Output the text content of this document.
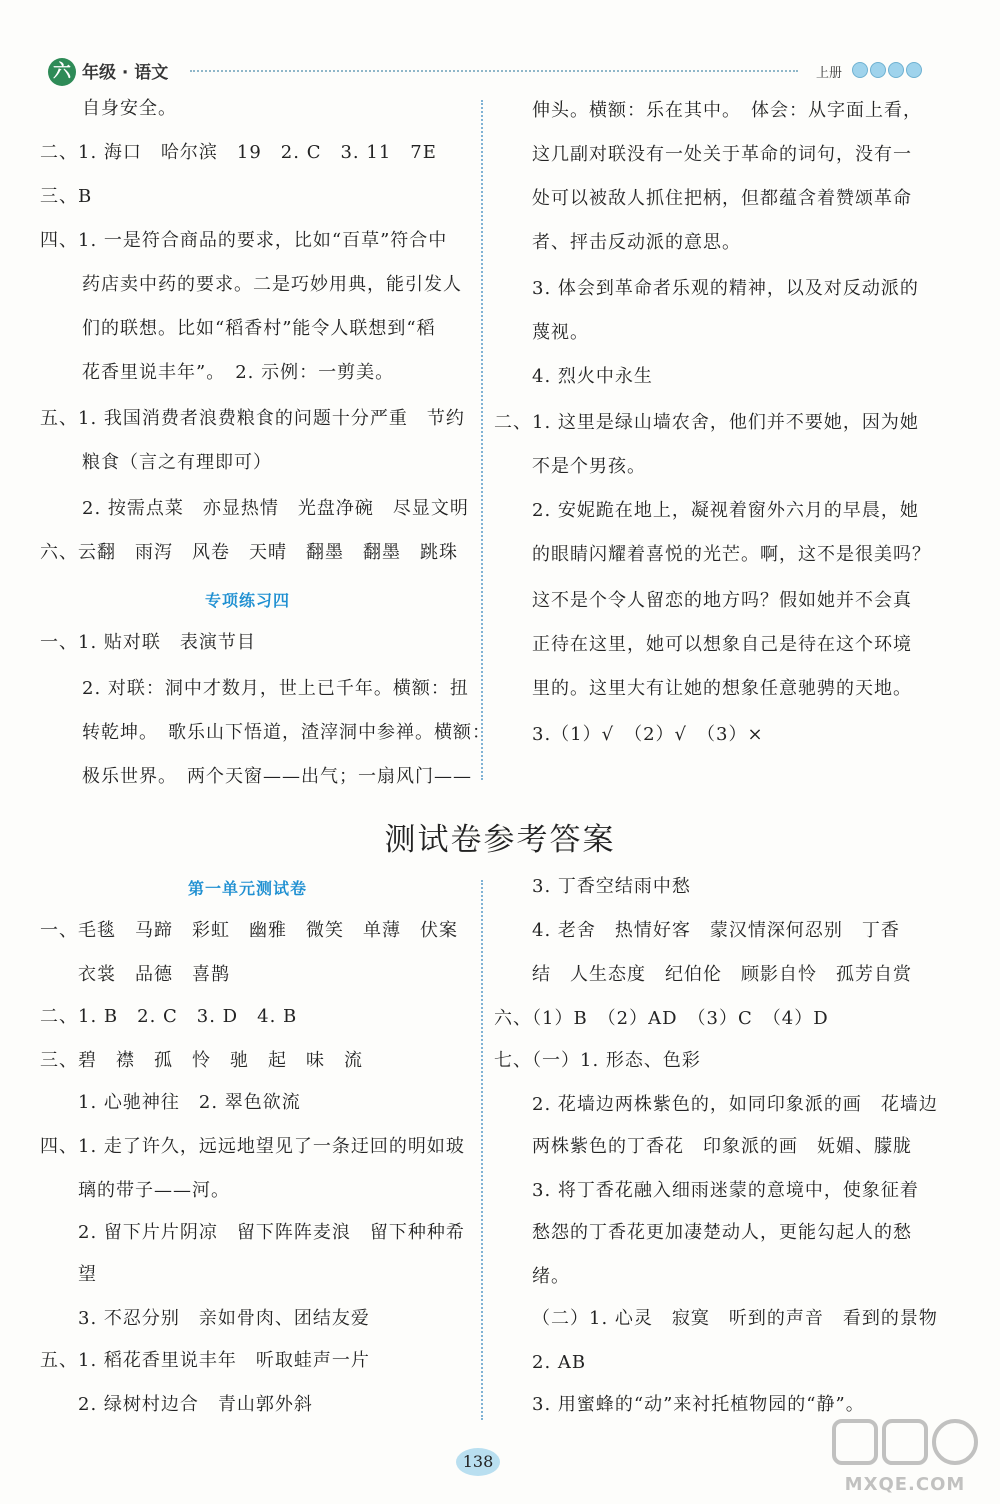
六 年级 · 语文	上册
自身安全。
二、1. 海口　哈尔滨　19　2. C　3. 11　7E
三、B
四、1. 一是符合商品的要求，比如“百草”符合中
药店卖中药的要求。二是巧妙用典，能引发人
们的联想。比如“稻香村”能令人联想到“稻
花香里说丰年”。　2. 示例：一剪美。
五、1. 我国消费者浪费粮食的问题十分严重　节约
粮食（言之有理即可）
2. 按需点菜　亦显热情　光盘净碗　尽显文明
六、云翻　雨泻　风卷　天晴　翻墨　翻墨　跳珠
专项练习四
一、1. 贴对联　表演节目
2. 对联：洞中才数月，世上已千年。横额：扭
转乾坤。　歌乐山下悟道，渣滓洞中参禅。横额：
极乐世界。　两个天窗——出气；一扇风门——
伸头。横额：乐在其中。　体会：从字面上看，
这几副对联没有一处关于革命的词句，没有一
处可以被敌人抓住把柄，但都蕴含着赞颂革命
者、抨击反动派的意思。
3. 体会到革命者乐观的精神，以及对反动派的
蔑视。
4. 烈火中永生
二、1. 这里是绿山墙农舍，他们并不要她，因为她
不是个男孩。
2. 安妮跪在地上，凝视着窗外六月的早晨，她
的眼睛闪耀着喜悦的光芒。啊，这不是很美吗？
这不是个令人留恋的地方吗？假如她并不会真
正待在这里，她可以想象自己是待在这个环境
里的。这里大有让她的想象任意驰骋的天地。
3.（1）√　（2）√　（3）×
测试卷参考答案
第一单元测试卷
一、毛毯　马蹄　彩虹　幽雅　微笑　单薄　伏案
衣裳　品德　喜鹊
二、1. B　2. C　3. D　4. B
三、碧　襟　孤　怜　驰　起　味　流
1. 心驰神往　2. 翠色欲流
四、1. 走了许久，远远地望见了一条迂回的明如玻
璃的带子——河。
2. 留下片片阴凉　留下阵阵麦浪　留下种种希
望
3. 不忍分别　亲如骨肉、团结友爱
五、1. 稻花香里说丰年　听取蛙声一片
2. 绿树村边合　青山郭外斜
3. 丁香空结雨中愁
4. 老舍　热情好客　蒙汉情深何忍别　丁香
结　人生态度　纪伯伦　顾影自怜　孤芳自赏
六、（1）B　（2）AD　（3）C　（4）D
七、（一）1. 形态、色彩
2. 花墙边两株紫色的，如同印象派的画　花墙边
两株紫色的丁香花　印象派的画　妩媚、朦胧
3. 将丁香花融入细雨迷蒙的意境中，使象征着
愁怨的丁香花更加凄楚动人，更能勾起人的愁
绪。
（二）1. 心灵　寂寞　听到的声音　看到的景物
2. AB
3. 用蜜蜂的“动”来衬托植物园的“静”。
138
MXQE.COM
